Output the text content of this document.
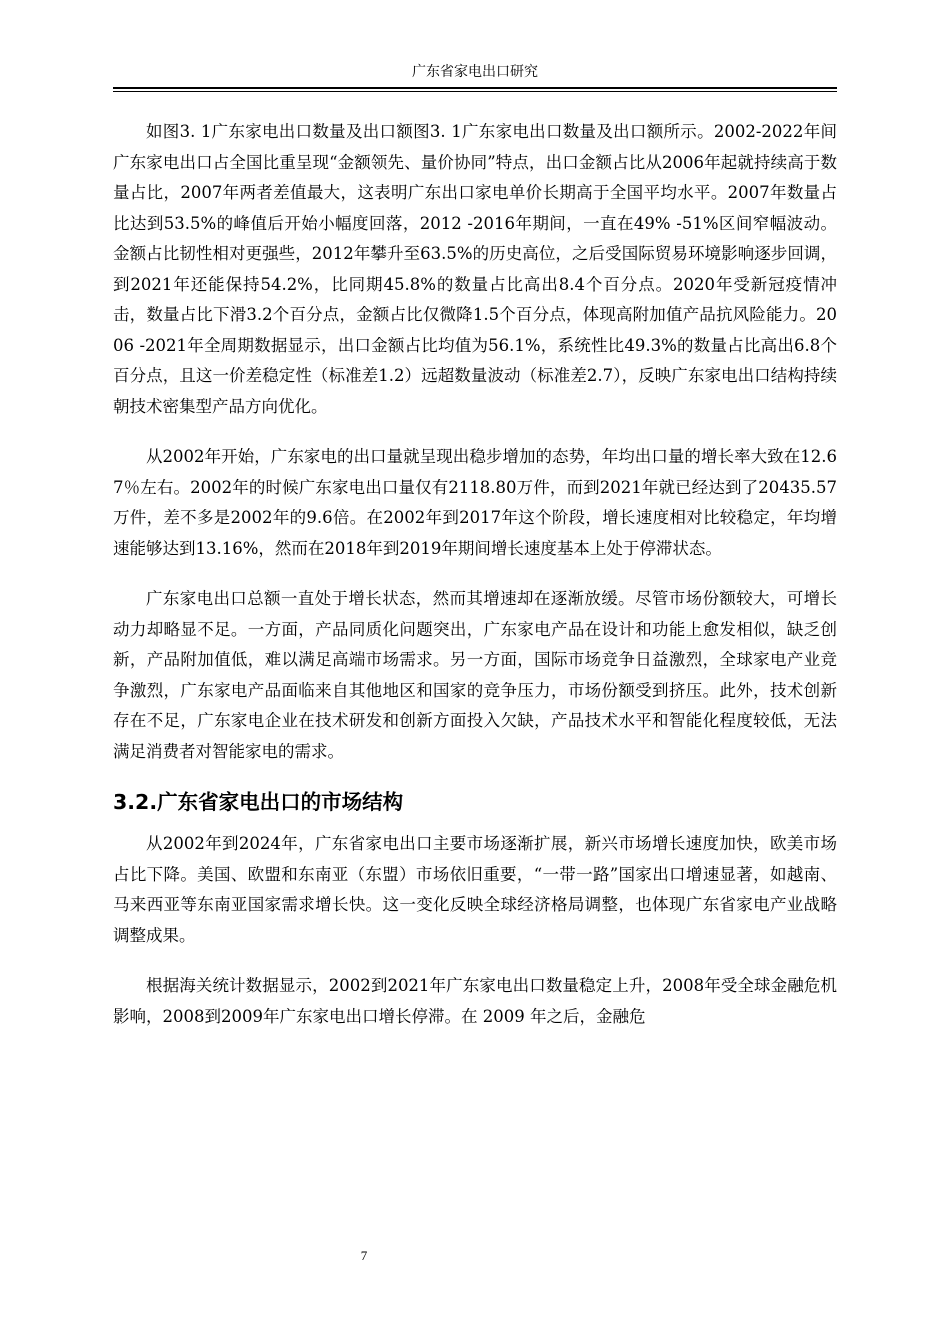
广东省家电出口研究

如图3. 1广东家电出口数量及出口额图3. 1广东家电出口数量及出口额所示。2002-2022年间广东家电出口占全国比重呈现“金额领先、量价协同”特点，出口金额占比从2006年起就持续高于数量占比，2007年两者差值最大，这表明广东出口家电单价长期高于全国平均水平。2007年数量占比达到53.5%的峰值后开始小幅度回落，2012 -2016年期间，一直在49% -51%区间窄幅波动。金额占比韧性相对更强些，2012年攀升至63.5%的历史高位，之后受国际贸易环境影响逐步回调，到2021年还能保持54.2%，比同期45.8%的数量占比高出8.4个百分点。2020年受新冠疫情冲击，数量占比下滑3.2个百分点，金额占比仅微降1.5个百分点，体现高附加值产品抗风险能力。2006 -2021年全周期数据显示，出口金额占比均值为56.1%，系统性比49.3%的数量占比高出6.8个百分点，且这一价差稳定性（标准差1.2）远超数量波动（标准差2.7），反映广东家电出口结构持续朝技术密集型产品方向优化。

从2002年开始，广东家电的出口量就呈现出稳步增加的态势，年均出口量的增长率大致在12.67％左右。2002年的时候广东家电出口量仅有2118.80万件，而到2021年就已经达到了20435.57万件，差不多是2002年的9.6倍。在2002年到2017年这个阶段，增长速度相对比较稳定，年均增速能够达到13.16%，然而在2018年到2019年期间增长速度基本上处于停滞状态。

广东家电出口总额一直处于增长状态，然而其增速却在逐渐放缓。尽管市场份额较大，可增长动力却略显不足。一方面，产品同质化问题突出，广东家电产品在设计和功能上愈发相似，缺乏创新，产品附加值低，难以满足高端市场需求。另一方面，国际市场竞争日益激烈，全球家电产业竞争激烈，广东家电产品面临来自其他地区和国家的竞争压力，市场份额受到挤压。此外，技术创新存在不足，广东家电企业在技术研发和创新方面投入欠缺，产品技术水平和智能化程度较低，无法满足消费者对智能家电的需求。

3.2.广东省家电出口的市场结构

从2002年到2024年，广东省家电出口主要市场逐渐扩展，新兴市场增长速度加快，欧美市场占比下降。美国、欧盟和东南亚（东盟）市场依旧重要，“一带一路”国家出口增速显著，如越南、马来西亚等东南亚国家需求增长快。这一变化反映全球经济格局调整，也体现广东省家电产业战略调整成果。

根据海关统计数据显示，2002到2021年广东家电出口数量稳定上升，2008年受全球金融危机影响，2008到2009年广东家电出口增长停滞。在 2009 年之后，金融危

7
